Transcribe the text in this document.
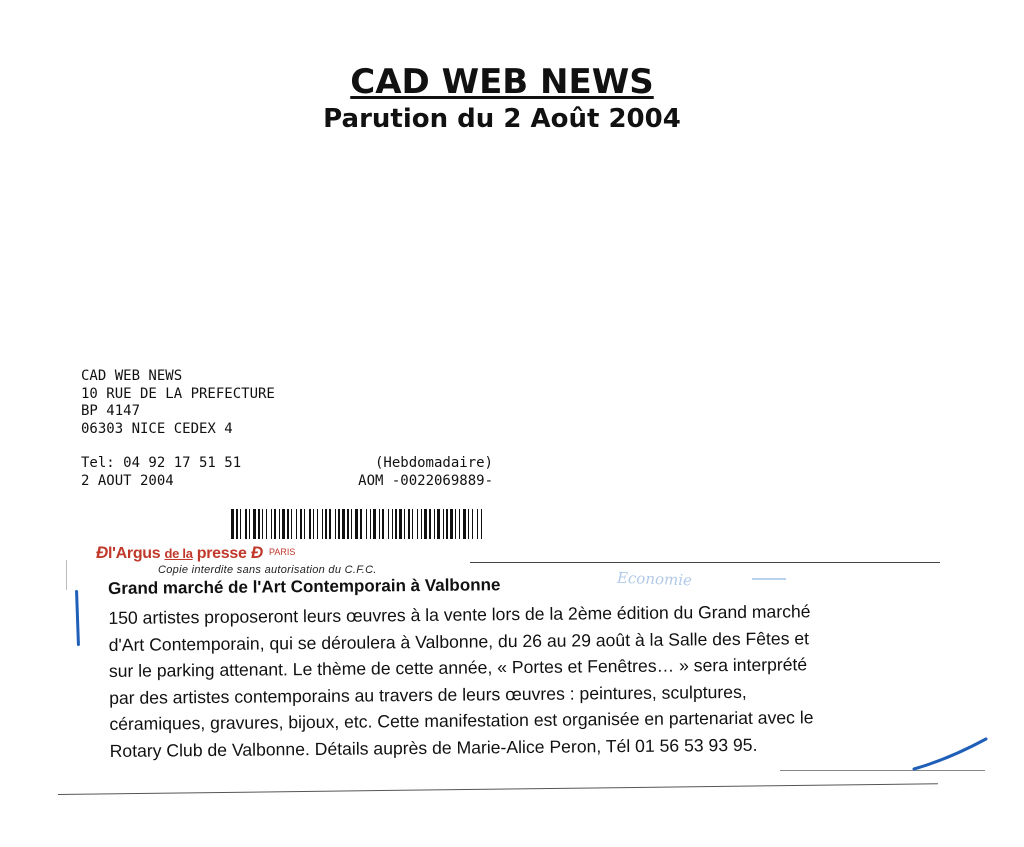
CAD WEB NEWS
Parution du 2 Août 2004
CAD WEB NEWS
10 RUE DE LA PREFECTURE
BP 4147
06303 NICE CEDEX 4
Tel: 04 92 17 51 51
2 AOUT 2004
(Hebdomadaire)
AOM -0022069889-
Ðl'Argus de la presse Ð PARIS
Copie interdite sans autorisation du C.F.C.	Economie
Grand marché de l'Art Contemporain à Valbonne
150 artistes proposeront leurs œuvres à la vente lors de la 2ème édition du Grand marché
d'Art Contemporain, qui se déroulera à Valbonne, du 26 au 29 août à la Salle des Fêtes et
sur le parking attenant. Le thème de cette année, « Portes et Fenêtres… » sera interprété
par des artistes contemporains au travers de leurs œuvres : peintures, sculptures,
céramiques, gravures, bijoux, etc. Cette manifestation est organisée en partenariat avec le
Rotary Club de Valbonne. Détails auprès de Marie-Alice Peron, Tél 01 56 53 93 95.
